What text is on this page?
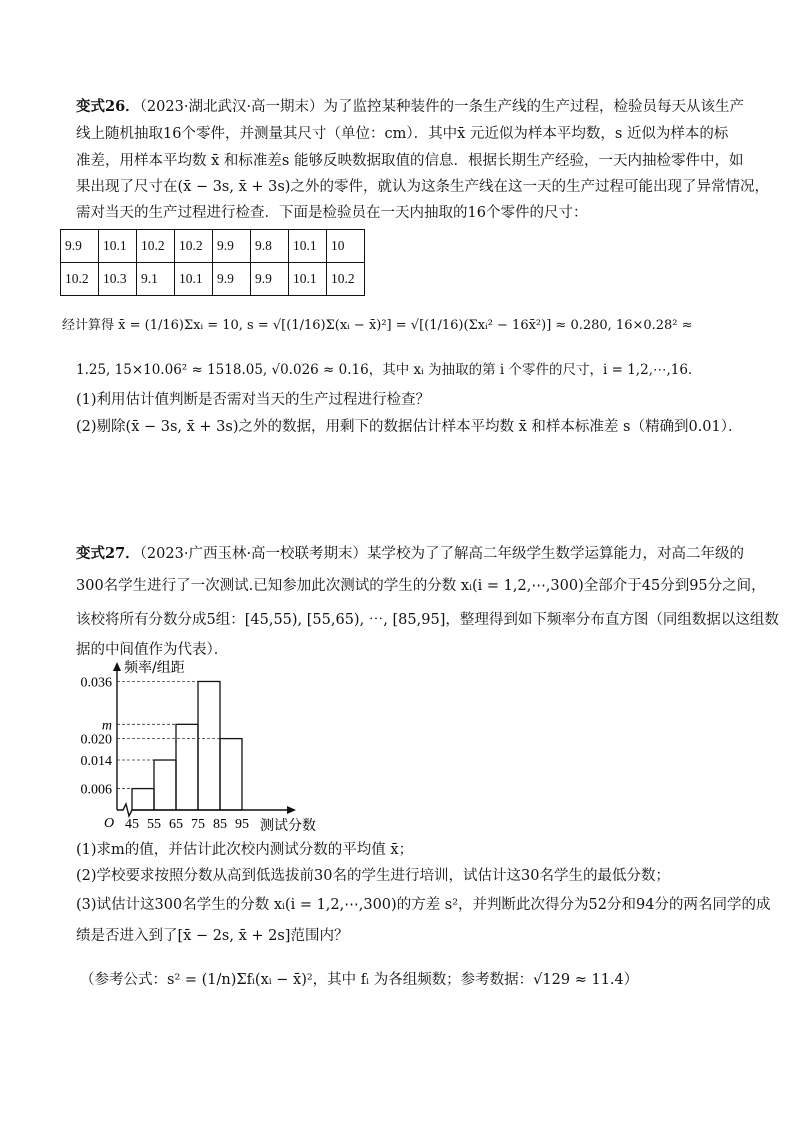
变式26．（2023·湖北武汉·高一期末）为了监控某种装件的一条生产线的生产过程，检验员每天从该生产
线上随机抽取16个零件，并测量其尺寸（单位：cm）．其中x̄ 元近似为样本平均数，s 近似为样本的标
准差，用样本平均数 x̄ 和标准差s 能够反映数据取值的信息．根据长期生产经验，一天内抽检零件中，如
果出现了尺寸在(x̄ − 3s, x̄ + 3s)之外的零件，就认为这条生产线在这一天的生产过程可能出现了异常情况，
需对当天的生产过程进行检查．下面是检验员在一天内抽取的16个零件的尺寸：
9.9	10.1	10.2	10.2	9.9	9.8	10.1	10
10.2	10.3	9.1	10.1	9.9	9.9	10.1	10.2
经计算得 x̄ = (1/16)Σxᵢ = 10, s = √[(1/16)Σ(xᵢ − x̄)²] = √[(1/16)(Σxᵢ² − 16x̄²)] ≈ 0.280, 16×0.28² ≈
1.25, 15×10.06² ≈ 1518.05, √0.026 ≈ 0.16，其中 xᵢ 为抽取的第 i 个零件的尺寸，i = 1,2,⋯,16．
(1)利用估计值判断是否需对当天的生产过程进行检查？
(2)剔除(x̄ − 3s, x̄ + 3s)之外的数据，用剩下的数据估计样本平均数 x̄ 和样本标准差 s（精确到0.01）．
变式27．（2023·广西玉林·高一校联考期末）某学校为了了解高二年级学生数学运算能力，对高二年级的
300名学生进行了一次测试.已知参加此次测试的学生的分数 xᵢ(i = 1,2,⋯,300)全部介于45分到95分之间，
该校将所有分数分成5组：[45,55), [55,65), ⋯, [85,95]，整理得到如下频率分布直方图（同组数据以这组数
据的中间值作为代表）．
频率/组距
测试分数
O
0.036
m
0.020
0.014
0.006
45 55 65 75 85 95
(1)求m的值，并估计此次校内测试分数的平均值 x̄；
(2)学校要求按照分数从高到低选拔前30名的学生进行培训，试估计这30名学生的最低分数；
(3)试估计这300名学生的分数 xᵢ(i = 1,2,⋯,300)的方差 s²，并判断此次得分为52分和94分的两名同学的成
绩是否进入到了[x̄ − 2s, x̄ + 2s]范围内？
（参考公式：s² = (1/n)Σfᵢ(xᵢ − x̄)²，其中 fᵢ 为各组频数；参考数据：√129 ≈ 11.4）
